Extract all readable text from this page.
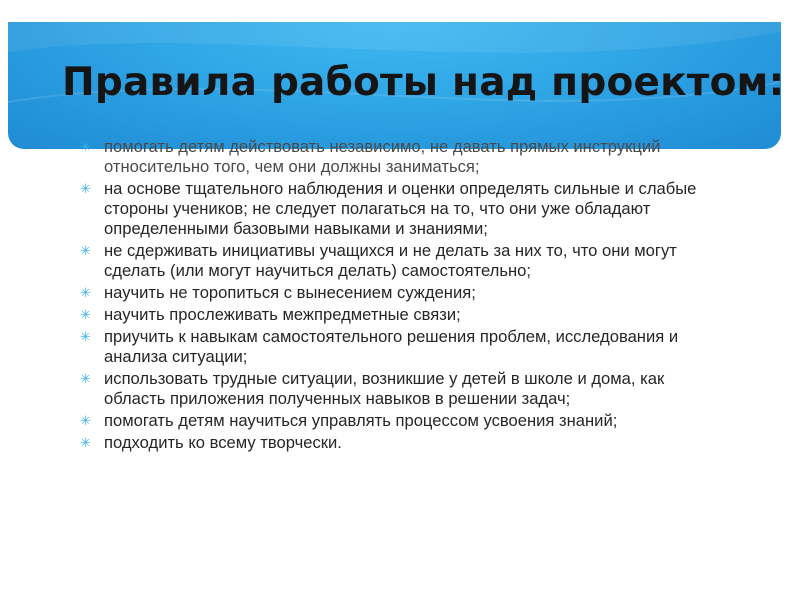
Правила работы над проектом:
✳ помогать детям действовать независимо, не давать прямых инструкций относительно того, чем они должны заниматься;
✳ на основе тщательного наблюдения и оценки определять сильные и слабые стороны учеников; не следует полагаться на то, что они уже обладают определенными базовыми навыками и знаниями;
✳ не сдерживать инициативы учащихся и не делать за них то, что они могут сделать (или могут научиться делать) самостоятельно;
✳ научить не торопиться с вынесением суждения;
✳ научить прослеживать межпредметные связи;
✳ приучить к навыкам самостоятельного решения проблем, исследования и анализа ситуации;
✳ использовать трудные ситуации, возникшие у детей в школе и дома, как область приложения полученных навыков в решении задач;
✳ помогать детям научиться управлять процессом усвоения знаний;
✳ подходить ко всему творчески.
